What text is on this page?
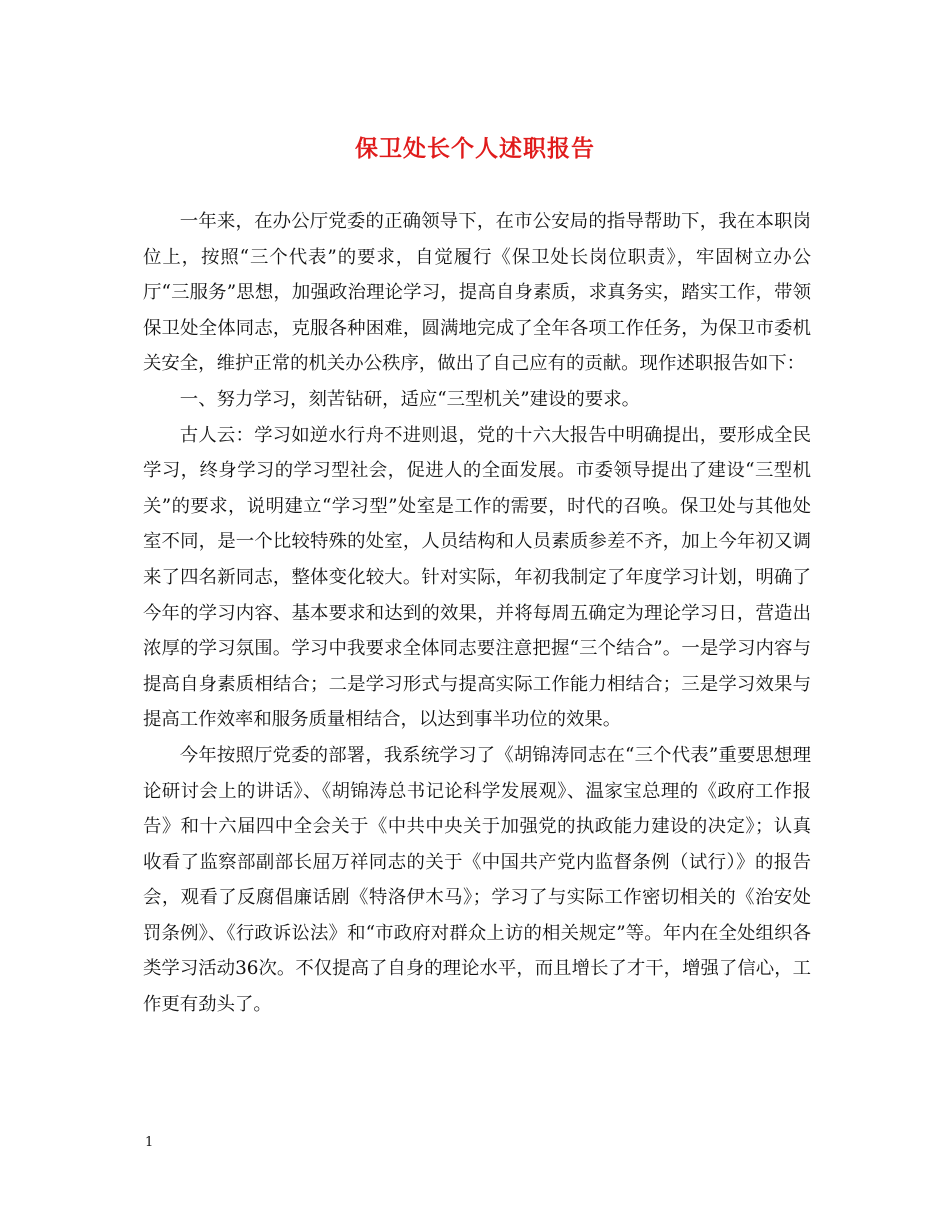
保卫处长个人述职报告

一年来，在办公厅党委的正确领导下，在市公安局的指导帮助下，我在本职岗位上，按照“三个代表”的要求，自觉履行《保卫处长岗位职责》，牢固树立办公厅“三服务”思想，加强政治理论学习，提高自身素质，求真务实，踏实工作，带领保卫处全体同志，克服各种困难，圆满地完成了全年各项工作任务，为保卫市委机关安全，维护正常的机关办公秩序，做出了自己应有的贡献。现作述职报告如下：

一、努力学习，刻苦钻研，适应“三型机关”建设的要求。

古人云：学习如逆水行舟不进则退，党的十六大报告中明确提出，要形成全民学习，终身学习的学习型社会，促进人的全面发展。市委领导提出了建设“三型机关”的要求，说明建立“学习型”处室是工作的需要，时代的召唤。保卫处与其他处室不同，是一个比较特殊的处室，人员结构和人员素质参差不齐，加上今年初又调来了四名新同志，整体变化较大。针对实际，年初我制定了年度学习计划，明确了今年的学习内容、基本要求和达到的效果，并将每周五确定为理论学习日，营造出浓厚的学习氛围。学习中我要求全体同志要注意把握“三个结合”。一是学习内容与提高自身素质相结合；二是学习形式与提高实际工作能力相结合；三是学习效果与提高工作效率和服务质量相结合，以达到事半功位的效果。

今年按照厅党委的部署，我系统学习了《胡锦涛同志在“三个代表”重要思想理论研讨会上的讲话》、《胡锦涛总书记论科学发展观》、温家宝总理的《政府工作报告》和十六届四中全会关于《中共中央关于加强党的执政能力建设的决定》；认真收看了监察部副部长屈万祥同志的关于《中国共产党内监督条例（试行）》的报告会，观看了反腐倡廉话剧《特洛伊木马》；学习了与实际工作密切相关的《治安处罚条例》、《行政诉讼法》和“市政府对群众上访的相关规定”等。年内在全处组织各类学习活动36次。不仅提高了自身的理论水平，而且增长了才干，增强了信心，工作更有劲头了。

1
